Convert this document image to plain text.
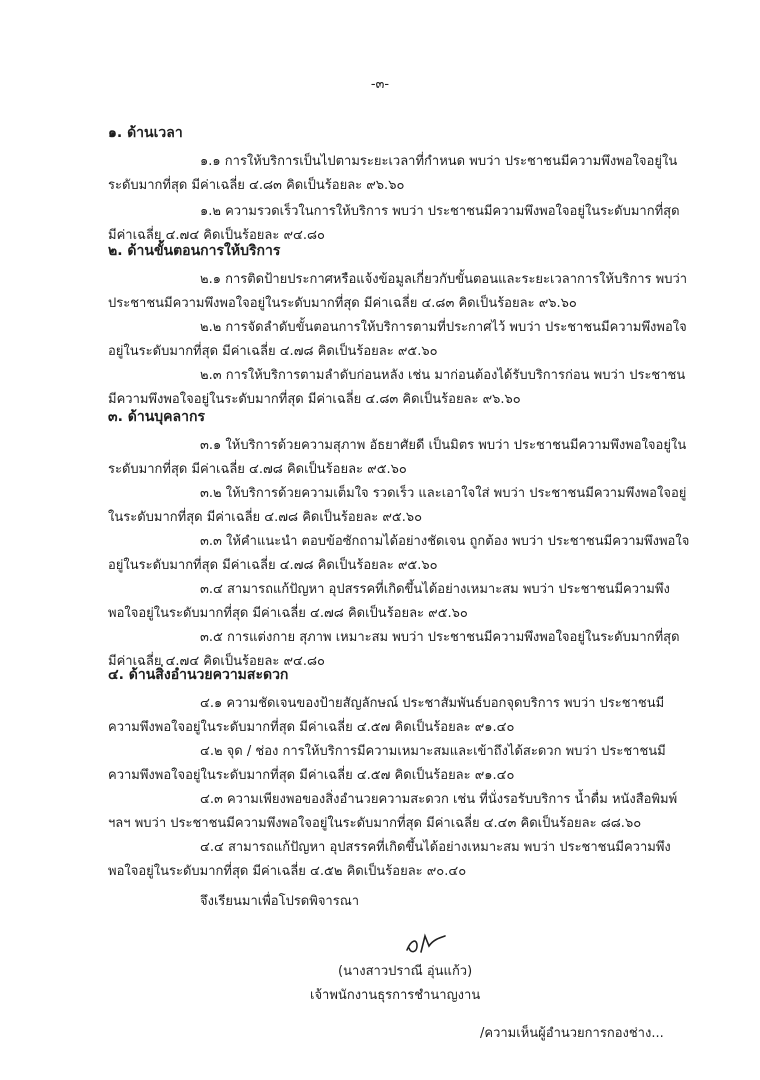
-๓-
๑. ด้านเวลา
๑.๑ การให้บริการเป็นไปตามระยะเวลาที่กำหนด พบว่า ประชาชนมีความพึงพอใจอยู่ใน
ระดับมากที่สุด มีค่าเฉลี่ย ๔.๘๓ คิดเป็นร้อยละ ๙๖.๖๐
๑.๒ ความรวดเร็วในการให้บริการ พบว่า ประชาชนมีความพึงพอใจอยู่ในระดับมากที่สุด
มีค่าเฉลี่ย ๔.๗๔ คิดเป็นร้อยละ ๙๔.๘๐
๒. ด้านขั้นตอนการให้บริการ
๒.๑ การติดป้ายประกาศหรือแจ้งข้อมูลเกี่ยวกับขั้นตอนและระยะเวลาการให้บริการ พบว่า
ประชาชนมีความพึงพอใจอยู่ในระดับมากที่สุด มีค่าเฉลี่ย ๔.๘๓ คิดเป็นร้อยละ ๙๖.๖๐
๒.๒ การจัดลำดับขั้นตอนการให้บริการตามที่ประกาศไว้ พบว่า ประชาชนมีความพึงพอใจ
อยู่ในระดับมากที่สุด มีค่าเฉลี่ย ๔.๗๘ คิดเป็นร้อยละ ๙๕.๖๐
๒.๓ การให้บริการตามลำดับก่อนหลัง เช่น มาก่อนต้องได้รับบริการก่อน พบว่า ประชาชน
มีความพึงพอใจอยู่ในระดับมากที่สุด มีค่าเฉลี่ย ๔.๘๓ คิดเป็นร้อยละ ๙๖.๖๐
๓. ด้านบุคลากร
๓.๑ ให้บริการด้วยความสุภาพ อัธยาศัยดี เป็นมิตร พบว่า ประชาชนมีความพึงพอใจอยู่ใน
ระดับมากที่สุด มีค่าเฉลี่ย ๔.๗๘ คิดเป็นร้อยละ ๙๕.๖๐
๓.๒ ให้บริการด้วยความเต็มใจ รวดเร็ว และเอาใจใส่ พบว่า ประชาชนมีความพึงพอใจอยู่
ในระดับมากที่สุด มีค่าเฉลี่ย ๔.๗๘ คิดเป็นร้อยละ ๙๕.๖๐
๓.๓ ให้คำแนะนำ ตอบข้อซักถามได้อย่างชัดเจน ถูกต้อง พบว่า ประชาชนมีความพึงพอใจ
อยู่ในระดับมากที่สุด มีค่าเฉลี่ย ๔.๗๘ คิดเป็นร้อยละ ๙๕.๖๐
๓.๔ สามารถแก้ปัญหา อุปสรรคที่เกิดขึ้นได้อย่างเหมาะสม พบว่า ประชาชนมีความพึง
พอใจอยู่ในระดับมากที่สุด มีค่าเฉลี่ย ๔.๗๘ คิดเป็นร้อยละ ๙๕.๖๐
๓.๕ การแต่งกาย สุภาพ เหมาะสม พบว่า ประชาชนมีความพึงพอใจอยู่ในระดับมากที่สุด
มีค่าเฉลี่ย ๔.๗๔ คิดเป็นร้อยละ ๙๔.๘๐
๔. ด้านสิ่งอำนวยความสะดวก
๔.๑ ความชัดเจนของป้ายสัญลักษณ์ ประชาสัมพันธ์บอกจุดบริการ พบว่า ประชาชนมี
ความพึงพอใจอยู่ในระดับมากที่สุด มีค่าเฉลี่ย ๔.๕๗ คิดเป็นร้อยละ ๙๑.๔๐
๔.๒ จุด / ช่อง การให้บริการมีความเหมาะสมและเข้าถึงได้สะดวก พบว่า ประชาชนมี
ความพึงพอใจอยู่ในระดับมากที่สุด มีค่าเฉลี่ย ๔.๕๗ คิดเป็นร้อยละ ๙๑.๔๐
๔.๓ ความเพียงพอของสิ่งอำนวยความสะดวก เช่น ที่นั่งรอรับบริการ น้ำดื่ม หนังสือพิมพ์
ฯลฯ พบว่า ประชาชนมีความพึงพอใจอยู่ในระดับมากที่สุด มีค่าเฉลี่ย ๔.๔๓ คิดเป็นร้อยละ ๘๘.๖๐
๔.๔ สามารถแก้ปัญหา อุปสรรคที่เกิดขึ้นได้อย่างเหมาะสม พบว่า ประชาชนมีความพึง
พอใจอยู่ในระดับมากที่สุด มีค่าเฉลี่ย ๔.๕๒ คิดเป็นร้อยละ ๙๐.๔๐
จึงเรียนมาเพื่อโปรดพิจารณา
(นางสาวปราณี อุ่นแก้ว)
เจ้าพนักงานธุรการชำนาญงาน
/ความเห็นผู้อำนวยการกองช่าง...
